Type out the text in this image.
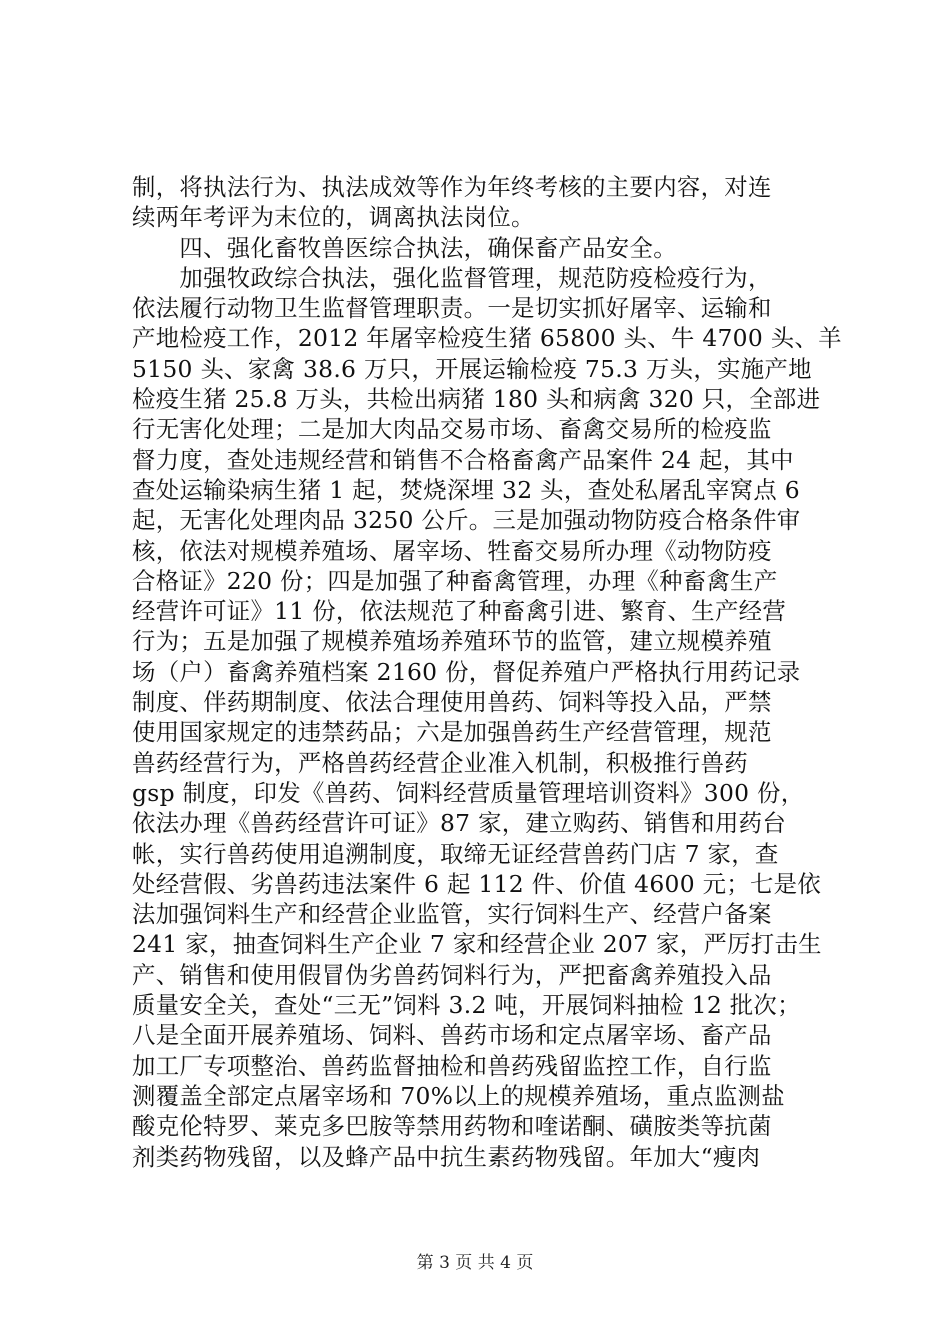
制，将执法行为、执法成效等作为年终考核的主要内容，对连
续两年考评为末位的，调离执法岗位。
　　四、强化畜牧兽医综合执法，确保畜产品安全。
　　加强牧政综合执法，强化监督管理，规范防疫检疫行为，
依法履行动物卫生监督管理职责。一是切实抓好屠宰、运输和
产地检疫工作，2012 年屠宰检疫生猪 65800 头、牛 4700 头、羊
5150 头、家禽 38.6 万只，开展运输检疫 75.3 万头，实施产地
检疫生猪 25.8 万头，共检出病猪 180 头和病禽 320 只，全部进
行无害化处理；二是加大肉品交易市场、畜禽交易所的检疫监
督力度，查处违规经营和销售不合格畜禽产品案件 24 起，其中
查处运输染病生猪 1 起，焚烧深埋 32 头，查处私屠乱宰窝点 6
起，无害化处理肉品 3250 公斤。三是加强动物防疫合格条件审
核，依法对规模养殖场、屠宰场、牲畜交易所办理《动物防疫
合格证》220 份；四是加强了种畜禽管理，办理《种畜禽生产
经营许可证》11 份，依法规范了种畜禽引进、繁育、生产经营
行为；五是加强了规模养殖场养殖环节的监管，建立规模养殖
场（户）畜禽养殖档案 2160 份，督促养殖户严格执行用药记录
制度、伴药期制度、依法合理使用兽药、饲料等投入品，严禁
使用国家规定的违禁药品；六是加强兽药生产经营管理，规范
兽药经营行为，严格兽药经营企业准入机制，积极推行兽药
gsp 制度，印发《兽药、饲料经营质量管理培训资料》300 份，
依法办理《兽药经营许可证》87 家，建立购药、销售和用药台
帐，实行兽药使用追溯制度，取缔无证经营兽药门店 7 家，查
处经营假、劣兽药违法案件 6 起 112 件、价值 4600 元；七是依
法加强饲料生产和经营企业监管，实行饲料生产、经营户备案
241 家，抽查饲料生产企业 7 家和经营企业 207 家，严厉打击生
产、销售和使用假冒伪劣兽药饲料行为，严把畜禽养殖投入品
质量安全关，查处“三无”饲料 3.2 吨，开展饲料抽检 12 批次；
八是全面开展养殖场、饲料、兽药市场和定点屠宰场、畜产品
加工厂专项整治、兽药监督抽检和兽药残留监控工作，自行监
测覆盖全部定点屠宰场和 70%以上的规模养殖场，重点监测盐
酸克伦特罗、莱克多巴胺等禁用药物和喹诺酮、磺胺类等抗菌
剂类药物残留，以及蜂产品中抗生素药物残留。年加大“瘦肉
第 3 页 共 4 页
